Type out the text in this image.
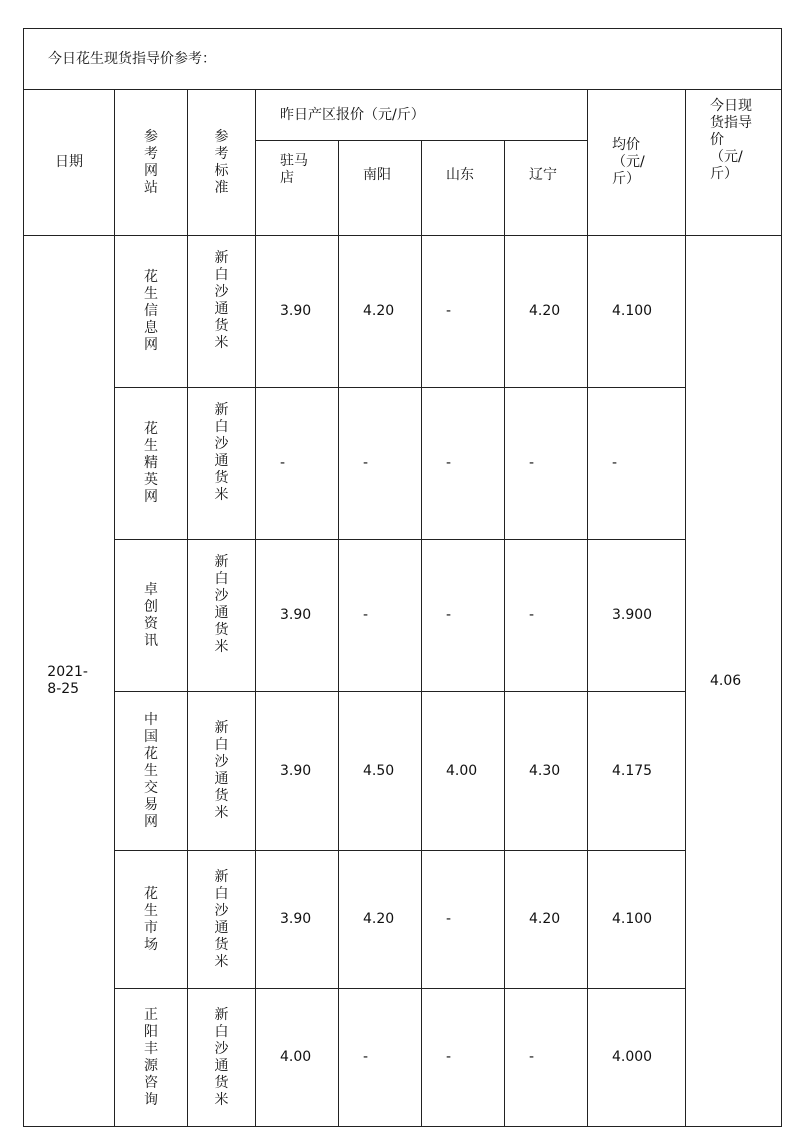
今日花生现货指导价参考：								
日期	参考网站	参考标准	昨日产区报价（元/斤）				均价（元/斤）	今日现货指导价（元/斤）

			驻马店	南阳	山东	辽宁		

2021-8-25	花生信息网	新白沙通货米	3.90	4.20	-	4.20	4.100	4.06

	花生精英网	新白沙通货米	-	-	-	-	-	

	卓创资讯	新白沙通货米	3.90	-	-	-	3.900	

	中国花生交易网	新白沙通货米	3.90	4.50	4.00	4.30	4.175	

	花生市场	新白沙通货米	3.90	4.20	-	4.20	4.100	

	正阳丰源咨询	新白沙通货米	4.00	-	-	-	4.000	
